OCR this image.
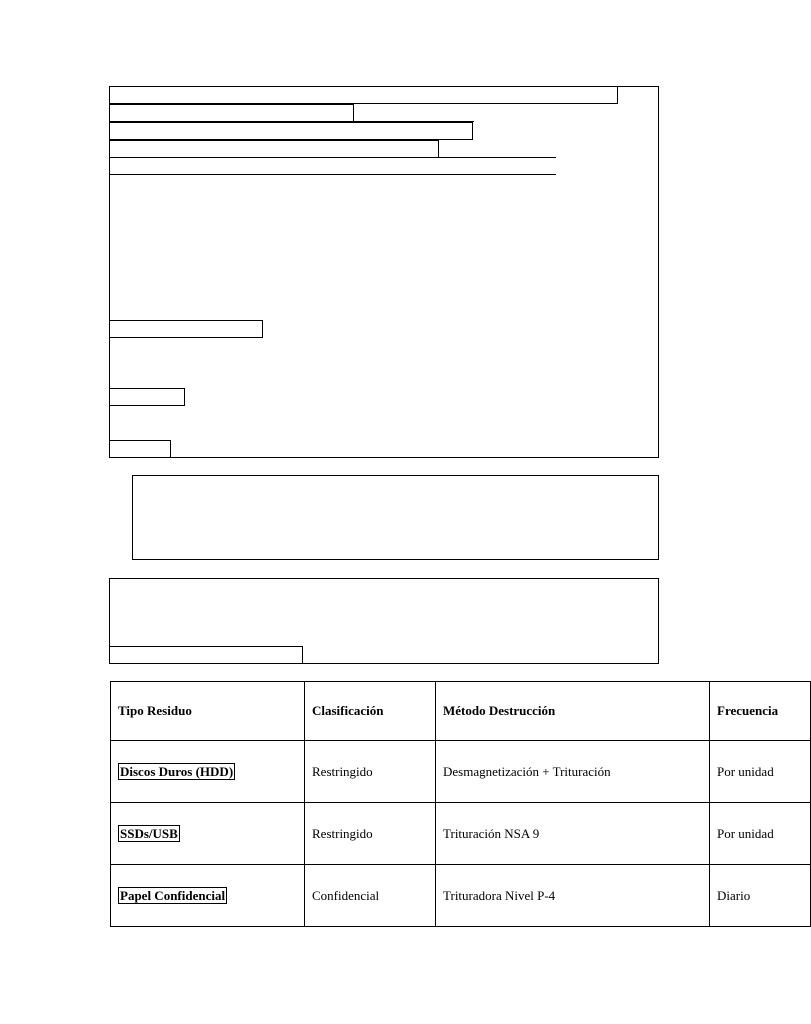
Tipo Residuo	Clasificación	Método Destrucción	Frecuencia
Discos Duros (HDD)	Restringido	Desmagnetización + Trituración	Por unidad
SSDs/USB	Restringido	Trituración NSA 9	Por unidad
Papel Confidencial	Confidencial	Trituradora Nivel P-4	Diario
